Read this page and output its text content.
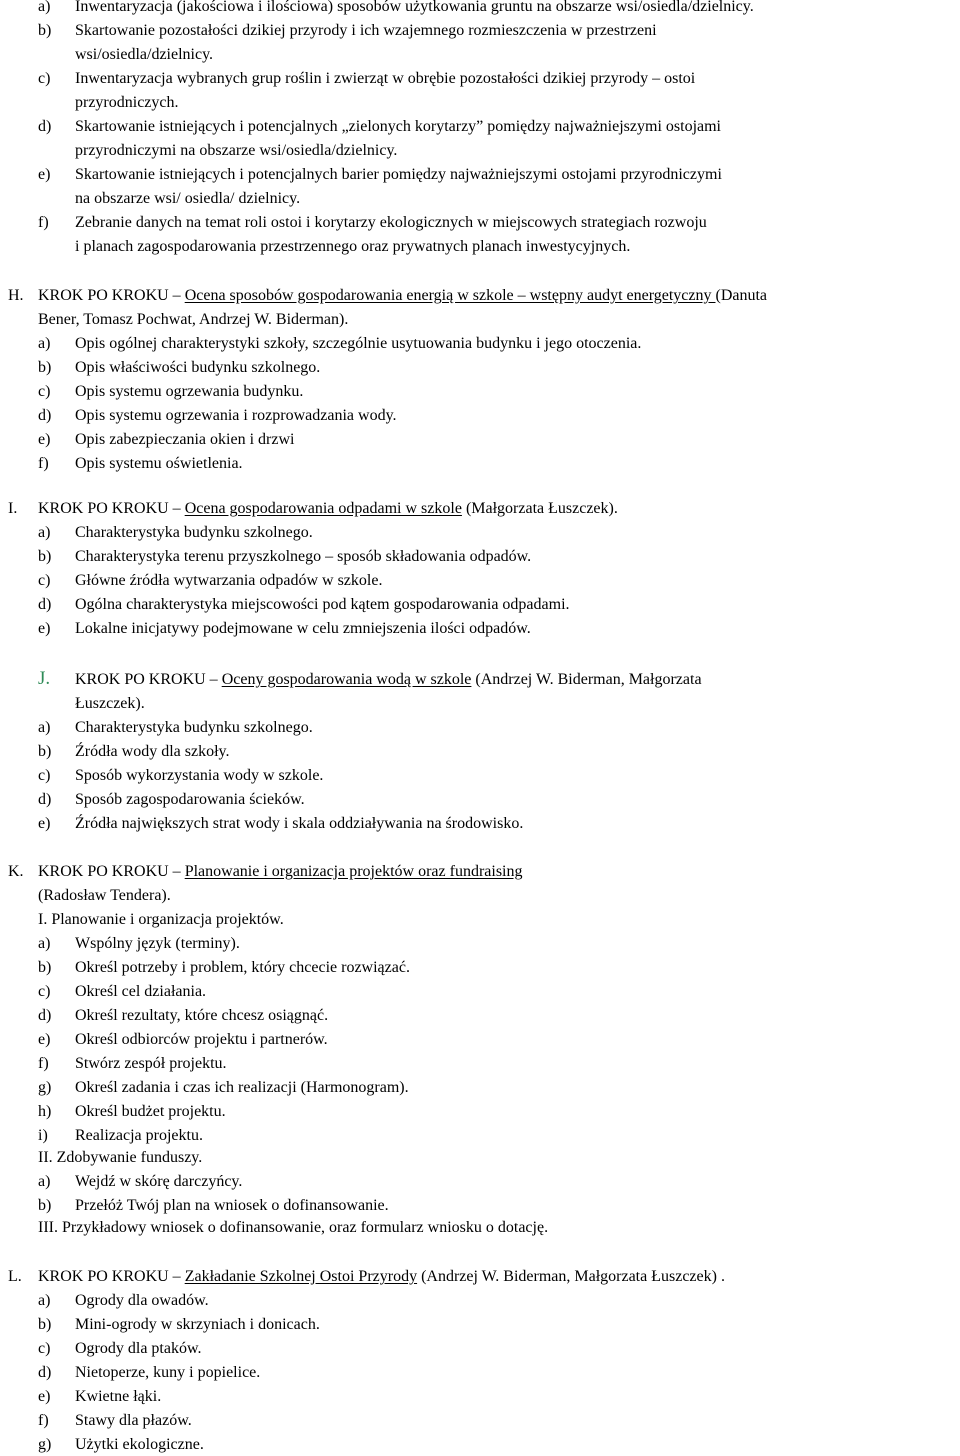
a) Inwentaryzacja (jakościowa i ilościowa) sposobów użytkowania gruntu na obszarze wsi/osiedla/dzielnicy.
b) Skartowanie pozostałości dzikiej przyrody i ich wzajemnego rozmieszczenia w przestrzeni
wsi/osiedla/dzielnicy.
c) Inwentaryzacja wybranych grup roślin i zwierząt w obrębie pozostałości dzikiej przyrody – ostoi
przyrodniczych.
d) Skartowanie istniejących i potencjalnych „zielonych korytarzy” pomiędzy najważniejszymi ostojami
przyrodniczymi na obszarze wsi/osiedla/dzielnicy.
e) Skartowanie istniejących i potencjalnych barier pomiędzy najważniejszymi ostojami przyrodniczymi
na obszarze wsi/ osiedla/ dzielnicy.
f) Zebranie danych na temat roli ostoi i korytarzy ekologicznych w miejscowych strategiach rozwoju
i planach zagospodarowania przestrzennego oraz prywatnych planach inwestycyjnych.
H. KROK PO KROKU – Ocena sposobów gospodarowania energią w szkole – wstępny audyt energetyczny (Danuta
Bener, Tomasz Pochwat, Andrzej W. Biderman).
I. KROK PO KROKU – Ocena gospodarowania odpadami w szkole (Małgorzata Łuszczek).
J. KROK PO KROKU – Oceny gospodarowania wodą w szkole (Andrzej W. Biderman, Małgorzata
Łuszczek).
K. KROK PO KROKU – Planowanie i organizacja projektów oraz fundraising
(Radosław Tendera).
I. Planowanie i organizacja projektów.
II. Zdobywanie funduszy.
III. Przykładowy wniosek o dofinansowanie, oraz formularz wniosku o dotację.
L. KROK PO KROKU – Zakładanie Szkolnej Ostoi Przyrody (Andrzej W. Biderman, Małgorzata Łuszczek) .
a) Opis ogólnej charakterystyki szkoły, szczególnie usytuowania budynku i jego otoczenia.
b) Opis właściwości budynku szkolnego.
c) Opis systemu ogrzewania budynku.
d) Opis systemu ogrzewania i rozprowadzania wody.
e) Opis zabezpieczania okien i drzwi
f) Opis systemu oświetlenia.
a) Charakterystyka budynku szkolnego.
b) Charakterystyka terenu przyszkolnego – sposób składowania odpadów.
c) Główne źródła wytwarzania odpadów w szkole.
d) Ogólna charakterystyka miejscowości pod kątem gospodarowania odpadami.
e) Lokalne inicjatywy podejmowane w celu zmniejszenia ilości odpadów.
a) Charakterystyka budynku szkolnego.
b) Źródła wody dla szkoły.
c) Sposób wykorzystania wody w szkole.
d) Sposób zagospodarowania ścieków.
e) Źródła największych strat wody i skala oddziaływania na środowisko.
a) Wspólny język (terminy).
b) Określ potrzeby i problem, który chcecie rozwiązać.
c) Określ cel działania.
d) Określ rezultaty, które chcesz osiągnąć.
e) Określ odbiorców projektu i partnerów.
f) Stwórz zespół projektu.
g) Określ zadania i czas ich realizacji (Harmonogram).
h) Określ budżet projektu.
i) Realizacja projektu.
a) Wejdź w skórę darczyńcy.
b) Przełóż Twój plan na wniosek o dofinansowanie.
a) Ogrody dla owadów.
b) Mini-ogrody w skrzyniach i donicach.
c) Ogrody dla ptaków.
d) Nietoperze, kuny i popielice.
e) Kwietne łąki.
f) Stawy dla płazów.
g) Użytki ekologiczne.
